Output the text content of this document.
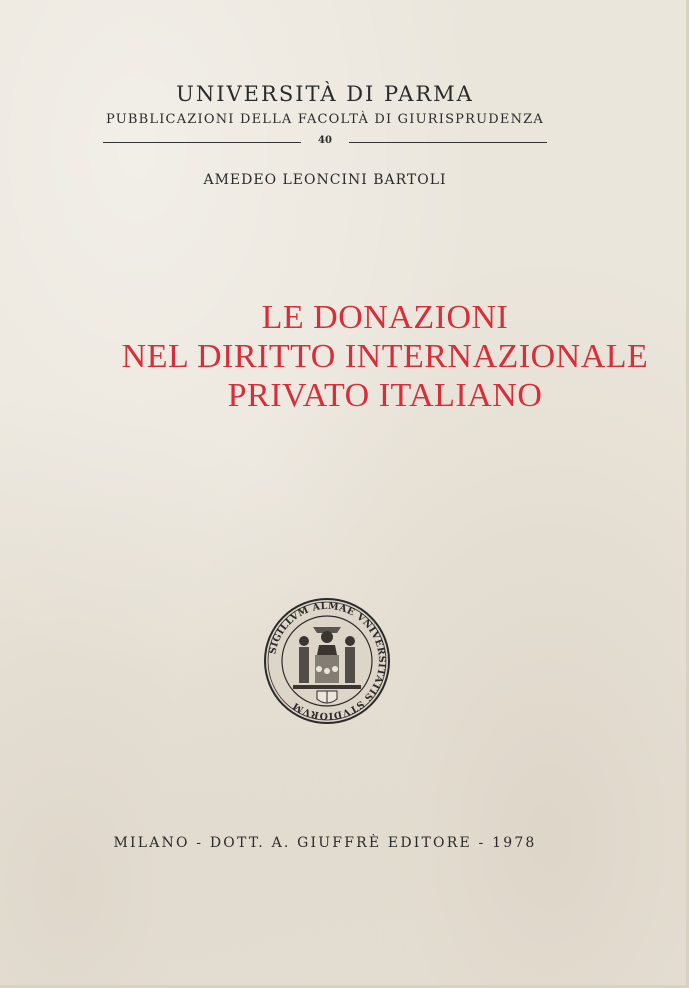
UNIVERSITÀ DI PARMA
PUBBLICAZIONI DELLA FACOLTÀ DI GIURISPRUDENZA
40
AMEDEO LEONCINI BARTOLI
LE DONAZIONI
NEL DIRITTO INTERNAZIONALE
PRIVATO ITALIANO
SIGILLVM ALMAE VNIVERSITATIS STVDIORVM
MILANO - DOTT. A. GIUFFRÈ EDITORE - 1978
